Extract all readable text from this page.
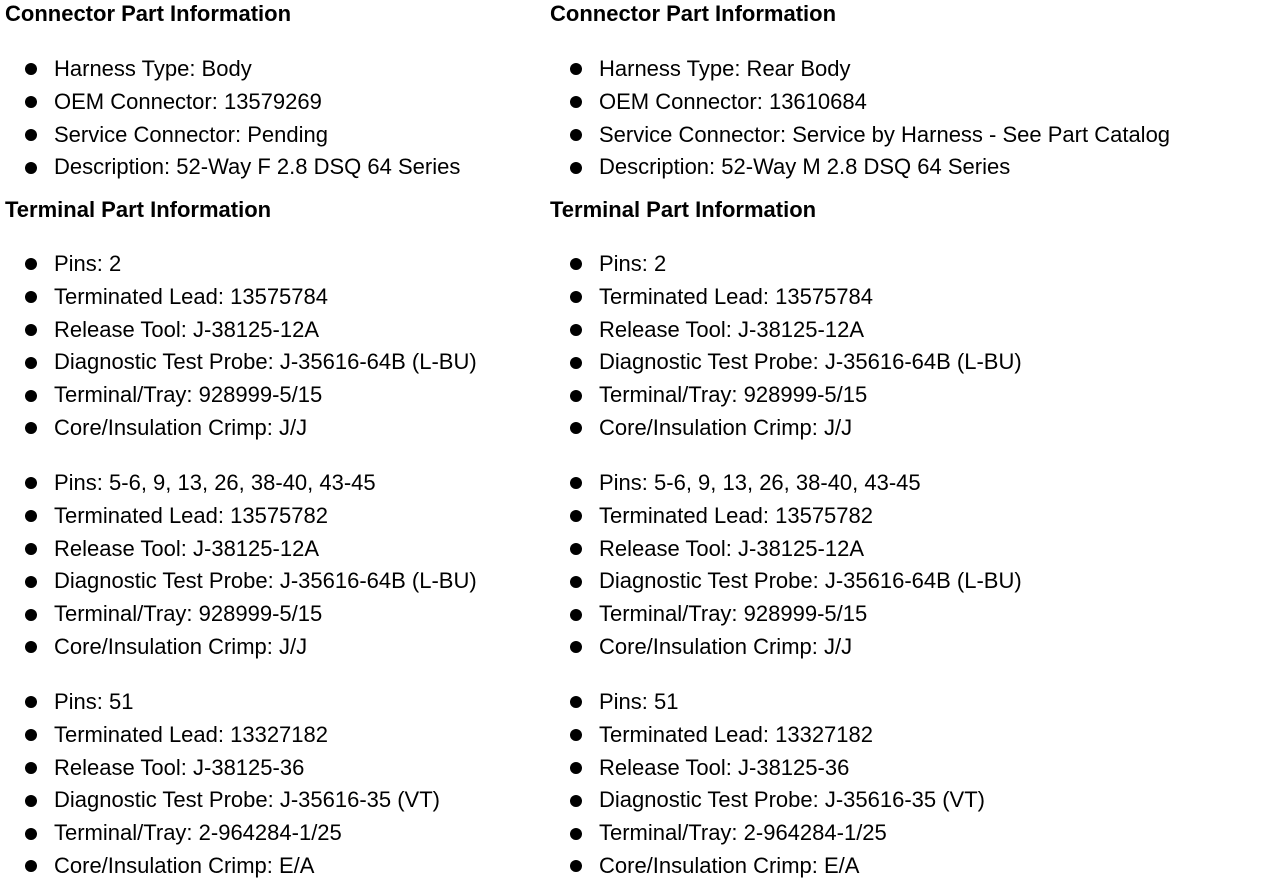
Connector Part Information
Harness Type: Body
OEM Connector: 13579269
Service Connector: Pending
Description: 52-Way F 2.8 DSQ 64 Series
Terminal Part Information
Pins: 2
Terminated Lead: 13575784
Release Tool: J-38125-12A
Diagnostic Test Probe: J-35616-64B (L-BU)
Terminal/Tray: 928999-5/15
Core/Insulation Crimp: J/J
Pins: 5-6, 9, 13, 26, 38-40, 43-45
Terminated Lead: 13575782
Release Tool: J-38125-12A
Diagnostic Test Probe: J-35616-64B (L-BU)
Terminal/Tray: 928999-5/15
Core/Insulation Crimp: J/J
Pins: 51
Terminated Lead: 13327182
Release Tool: J-38125-36
Diagnostic Test Probe: J-35616-35 (VT)
Terminal/Tray: 2-964284-1/25
Core/Insulation Crimp: E/A
Connector Part Information
Harness Type: Rear Body
OEM Connector: 13610684
Service Connector: Service by Harness - See Part Catalog
Description: 52-Way M 2.8 DSQ 64 Series
Terminal Part Information
Pins: 2
Terminated Lead: 13575784
Release Tool: J-38125-12A
Diagnostic Test Probe: J-35616-64B (L-BU)
Terminal/Tray: 928999-5/15
Core/Insulation Crimp: J/J
Pins: 5-6, 9, 13, 26, 38-40, 43-45
Terminated Lead: 13575782
Release Tool: J-38125-12A
Diagnostic Test Probe: J-35616-64B (L-BU)
Terminal/Tray: 928999-5/15
Core/Insulation Crimp: J/J
Pins: 51
Terminated Lead: 13327182
Release Tool: J-38125-36
Diagnostic Test Probe: J-35616-35 (VT)
Terminal/Tray: 2-964284-1/25
Core/Insulation Crimp: E/A
